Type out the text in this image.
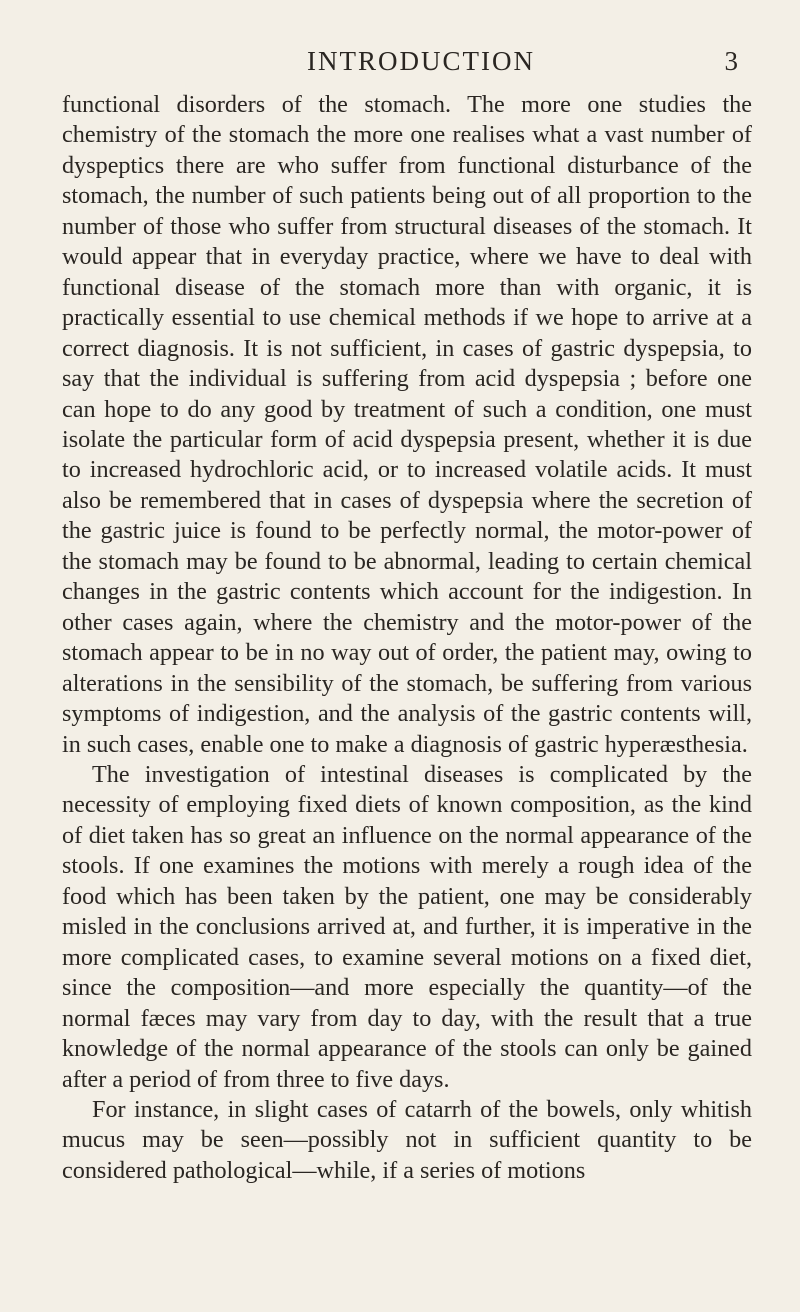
INTRODUCTION	3

functional disorders of the stomach. The more one studies the chemistry of the stomach the more one realises what a vast number of dyspeptics there are who suffer from functional disturbance of the stomach, the number of such patients being out of all proportion to the number of those who suffer from structural diseases of the stomach. It would appear that in everyday practice, where we have to deal with functional disease of the stomach more than with organic, it is practically essential to use chemical methods if we hope to arrive at a correct diagnosis. It is not sufficient, in cases of gastric dyspepsia, to say that the individual is suffering from acid dyspepsia ; before one can hope to do any good by treatment of such a condition, one must isolate the particular form of acid dyspepsia present, whether it is due to increased hydrochloric acid, or to increased volatile acids. It must also be remembered that in cases of dyspepsia where the secretion of the gastric juice is found to be perfectly normal, the motor-power of the stomach may be found to be abnormal, leading to certain chemical changes in the gastric contents which account for the indigestion. In other cases again, where the chemistry and the motor-power of the stomach appear to be in no way out of order, the patient may, owing to alterations in the sensibility of the stomach, be suffering from various symptoms of indigestion, and the analysis of the gastric contents will, in such cases, enable one to make a diagnosis of gastric hyperæsthesia.

The investigation of intestinal diseases is complicated by the necessity of employing fixed diets of known composition, as the kind of diet taken has so great an influence on the normal appearance of the stools. If one examines the motions with merely a rough idea of the food which has been taken by the patient, one may be considerably misled in the conclusions arrived at, and further, it is imperative in the more complicated cases, to examine several motions on a fixed diet, since the composition—and more especially the quantity—of the normal fæces may vary from day to day, with the result that a true knowledge of the normal appearance of the stools can only be gained after a period of from three to five days.

For instance, in slight cases of catarrh of the bowels, only whitish mucus may be seen—possibly not in sufficient quantity to be considered pathological—while, if a series of motions
